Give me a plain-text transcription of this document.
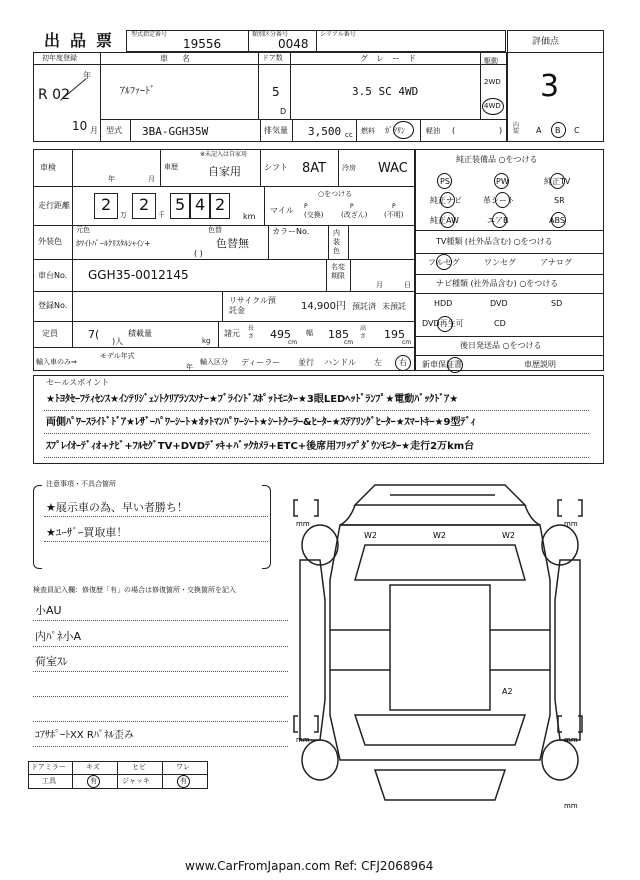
出品票 型式指定番号
19556
類別区分番号
0048
シリアル番号
評価点
3
初年度登録
年
R 02
10 月
車名
ｱﾙﾌｧｰﾄﾞ
ドア数
5
D
グレード
3.5 SC 4WD
駆動
2WD
4WD
型式 3BA-GGH35W	排気量 3,500 cc 燃料 ｶﾞｿﾘﾝ	軽油 (	)
内装	A B C
車検
年	月
車歴
※未記入は自家用
自家用	シフト 8AT 冷房 WAC
走行距離 2
万
2
千
5 4 2
km
マイル
○をつける
P	P	P
(交換)	(改ざん) (不明)
外装色
元色
ﾎﾜｲﾄﾊﾟｰﾙｸﾘｽﾀﾙｼｬｲﾝ+
色替
色替無
( )
カラーNo.	内装色
車台No. GGH35-0012145
名変期限
月	日
登録No.
リサイクル預託金	14,900円 預託済 未預託
定員	7(
)人
積載量
kg
諸元
長さ 495
cm
幅 185
cm
高さ 195
cm
輸入車のみ⇒
モデル年式
年
輸入区分 ディーラー 並行 ハンドル 左 右
純正装備品 ○をつける
PS	PW	純正TV
純正ナビ	革シート	SR
純正AW	エアB	ABS
TV種類 (社外品含む) ○をつける
フルセグ	ワンセグ	アナログ
ナビ種類 (社外品含む) ○をつける
HDD	DVD	SD
DVD再生可	CD
後日発送品 ○をつける
新車保証書	車歴説明
セールスポイント
★ﾄﾖﾀｾｰﾌﾃｨｾﾝｽ★ｲﾝﾃﾘｼﾞｪﾝﾄｸﾘｱﾗﾝｽｿﾅｰ★ﾌﾞﾗｲﾝﾄﾞｽﾎﾟｯﾄﾓﾆﾀｰ★3眼LEDﾍｯﾄﾞﾗﾝﾌﾟ★電動ﾊﾞｯｸﾄﾞｱ★
両側ﾊﾟﾜｰｽﾗｲﾄﾞﾄﾞｱ★ﾚｻﾞｰﾊﾟﾜｰｼｰﾄ★ｵｯﾄﾏﾝﾊﾟﾜｰｼｰﾄ★ｼｰﾄｸｰﾗｰ&ﾋｰﾀｰ★ｽﾃｱﾘﾝｸﾞﾋｰﾀｰ★ｽﾏｰﾄｷｰ★9型ﾃﾞｨ
ｽﾌﾟﾚｲｵｰﾃﾞｨｵ+ﾅﾋﾞ+ﾌﾙｾｸﾞTV+DVDﾃﾞｯｷ+ﾊﾞｯｸｶﾒﾗ+ETC+後席用ﾌﾘｯﾌﾟﾀﾞｳﾝﾓﾆﾀｰ★走行2万km台
注意事項・不具合箇所
★展示車の為、早い者勝ち！
★ﾕｰｻﾞｰ買取車！
検査員記入欄：修復歴「有」の場合は修復箇所・交換箇所を記入
小AU
内ﾊﾟﾈ小A
荷室ｽﾚ
ｺｱｻﾎﾟｰﾄXX Rﾊﾟﾈﾙ歪み
ドアミラー	キズ	ヒビ	ワレ
工具	有	ジャッキ	有
mm	mm
mm	mm
mm
W2	W2	W2
A2
www.CarFromJapan.com Ref: CFJ2068964
